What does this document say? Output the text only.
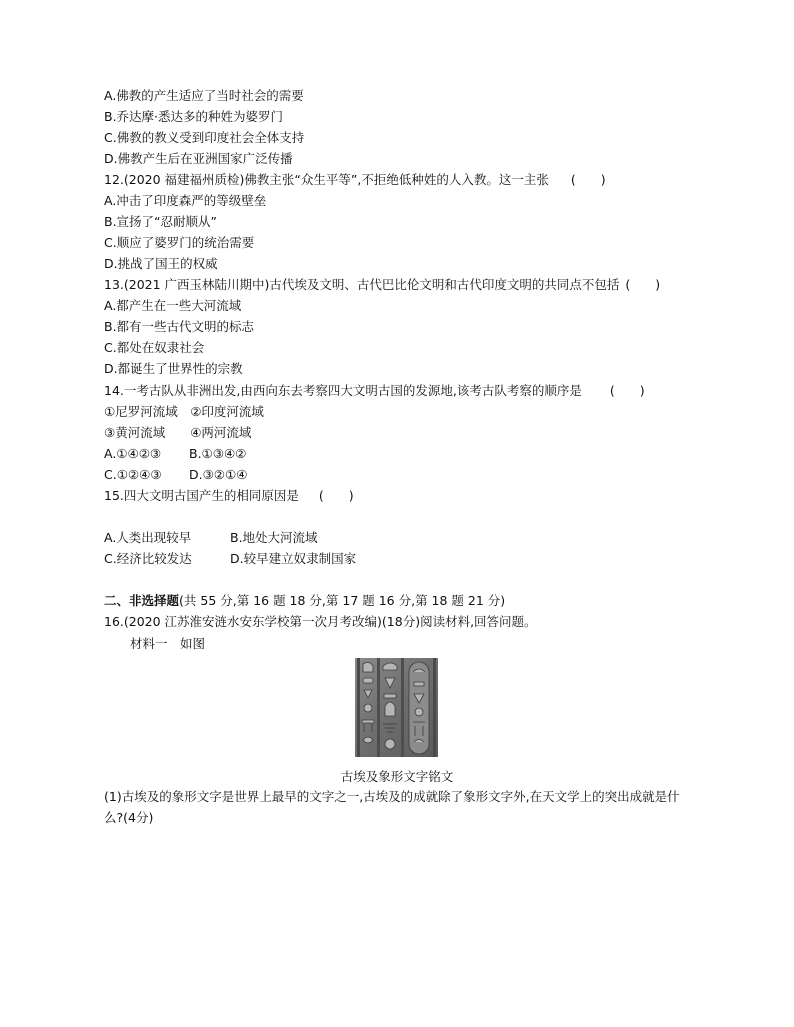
A.佛教的产生适应了当时社会的需要
B.乔达摩·悉达多的种姓为婆罗门
C.佛教的教义受到印度社会全体支持
D.佛教产生后在亚洲国家广泛传播
12.(2020 福建福州质检)佛教主张“众生平等”,不拒绝低种姓的人入教。这一主张 (　　)
A.冲击了印度森严的等级壁垒
B.宣扬了“忍耐顺从”
C.顺应了婆罗门的统治需要
D.挑战了国王的权威
13.(2021 广西玉林陆川期中)古代埃及文明、古代巴比伦文明和古代印度文明的共同点不包括 (　　)
A.都产生在一些大河流域
B.都有一些古代文明的标志
C.都处在奴隶社会
D.都诞生了世界性的宗教
14.一考古队从非洲出发,由西向东去考察四大文明古国的发源地,该考古队考察的顺序是 (　　)
①尼罗河流域　②印度河流域
③黄河流域　　④两河流域
A.①④②③ B.①③④②
C.①②④③ D.③②①④
15.四大文明古国产生的相同原因是 (　　)
A.人类出现较早	B.地处大河流域
C.经济比较发达	D.较早建立奴隶制国家
二、非选择题(共 55 分,第 16 题 18 分,第 17 题 16 分,第 18 题 21 分)
16.(2020 江苏淮安涟水安东学校第一次月考改编)(18分)阅读材料,回答问题。
材料一　如图
古埃及象形文字铭文
(1)古埃及的象形文字是世界上最早的文字之一,古埃及的成就除了象形文字外,在天文学上的突出成就是什
么?(4分)
